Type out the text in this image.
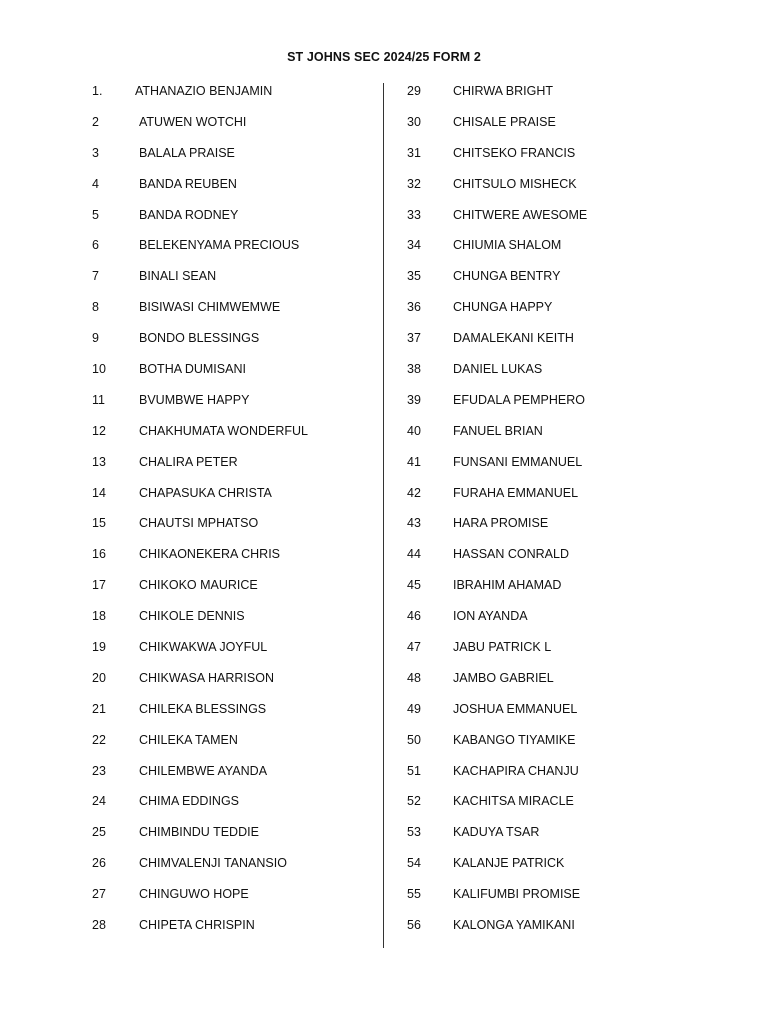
ST JOHNS SEC 2024/25 FORM 2
1.	ATHANAZIO BENJAMIN
2	ATUWEN WOTCHI
3	BALALA PRAISE
4	BANDA REUBEN
5	BANDA RODNEY
6	BELEKENYAMA PRECIOUS
7	BINALI SEAN
8	BISIWASI CHIMWEMWE
9	BONDO BLESSINGS
10	BOTHA DUMISANI
11	BVUMBWE HAPPY
12	CHAKHUMATA WONDERFUL
13	CHALIRA PETER
14	CHAPASUKA CHRISTA
15	CHAUTSI MPHATSO
16	CHIKAONEKERA CHRIS
17	CHIKOKO MAURICE
18	CHIKOLE DENNIS
19	CHIKWAKWA JOYFUL
20	CHIKWASA HARRISON
21	CHILEKA BLESSINGS
22	CHILEKA TAMEN
23	CHILEMBWE AYANDA
24	CHIMA EDDINGS
25	CHIMBINDU TEDDIE
26	CHIMVALENJI TANANSIO
27	CHINGUWO HOPE
28	CHIPETA CHRISPIN
29	CHIRWA BRIGHT
30	CHISALE PRAISE
31	CHITSEKO FRANCIS
32	CHITSULO MISHECK
33	CHITWERE AWESOME
34	CHIUMIA SHALOM
35	CHUNGA BENTRY
36	CHUNGA HAPPY
37	DAMALEKANI KEITH
38	DANIEL LUKAS
39	EFUDALA PEMPHERO
40	FANUEL BRIAN
41	FUNSANI EMMANUEL
42	FURAHA EMMANUEL
43	HARA PROMISE
44	HASSAN CONRALD
45	IBRAHIM AHAMAD
46	ION AYANDA
47	JABU PATRICK L
48	JAMBO GABRIEL
49	JOSHUA EMMANUEL
50	KABANGO TIYAMIKE
51	KACHAPIRA CHANJU
52	KACHITSA MIRACLE
53	KADUYA TSAR
54	KALANJE PATRICK
55	KALIFUMBI PROMISE
56	KALONGA YAMIKANI
